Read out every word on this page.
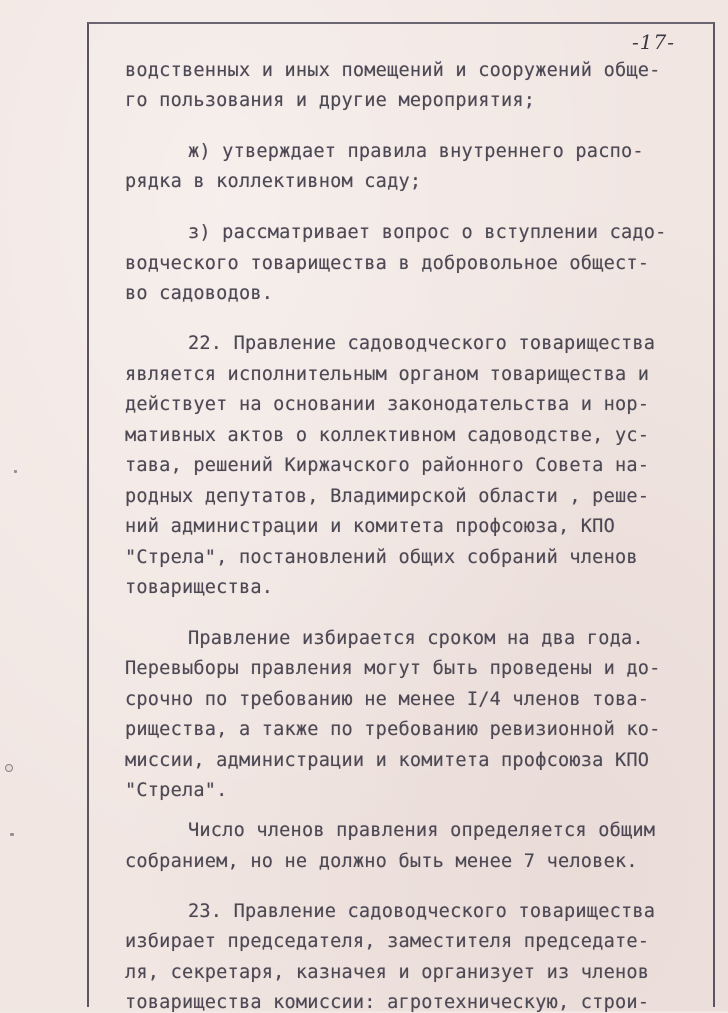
-17-
водственных и иных помещений и сооружений обще-
го пользования и другие мероприятия;
ж) утверждает правила внутреннего распо-
рядка в коллективном саду;
з) рассматривает вопрос о вступлении садо-
водческого товарищества в добровольное общест-
во садоводов.
22. Правление садоводческого товарищества
является исполнительным органом товарищества и
действует на основании законодательства и нор-
мативных актов о коллективном садоводстве, ус-
тава, решений Киржачского районного Совета на-
родных депутатов, Владимирской области , реше-
ний администрации и комитета профсоюза, КПО
"Стрела", постановлений общих собраний членов
товарищества.
Правление избирается сроком на два года.
Перевыборы правления могут быть проведены и до-
срочно по требованию не менее I/4 членов това-
рищества, а также по требованию ревизионной ко-
миссии, администрации и комитета профсоюза КПО
"Стрела".
Число членов правления определяется общим
собранием, но не должно быть менее 7 человек.
23. Правление садоводческого товарищества
избирает председателя, заместителя председате-
ля, секретаря, казначея и организует из членов
товарищества комиссии: агротехническую, строи-
